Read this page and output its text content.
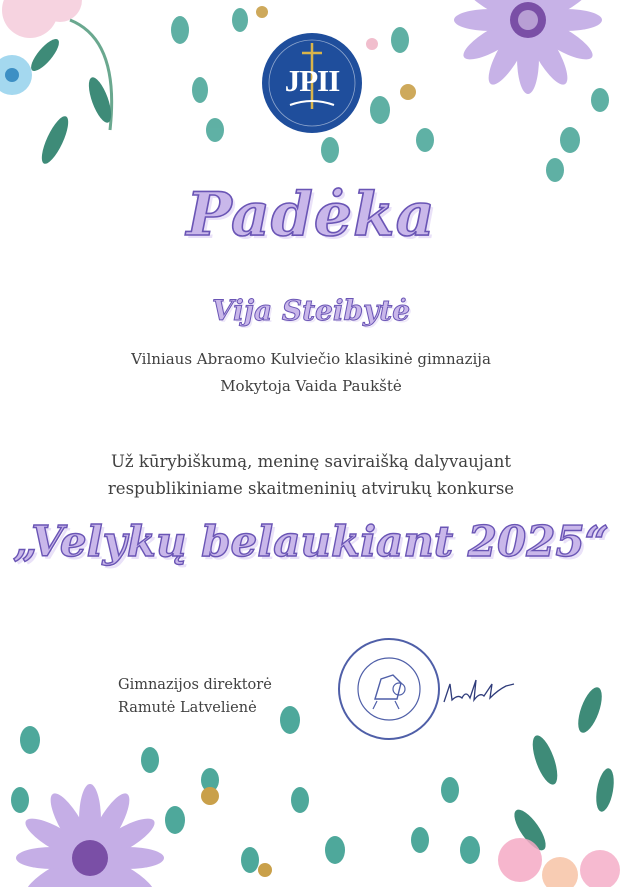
JPII
Padėka
Vija Steibytė
Vilniaus Abraomo Kulviečio klasikinė gimnazija
Mokytoja Vaida Paukštė
Už kūrybiškumą, meninę saviraišką dalyvaujant
respublikiniame skaitmeninių atvirukų konkurse
„Velykų belaukiant 2025“
Gimnazijos direktorė
Ramutė Latvelienė
